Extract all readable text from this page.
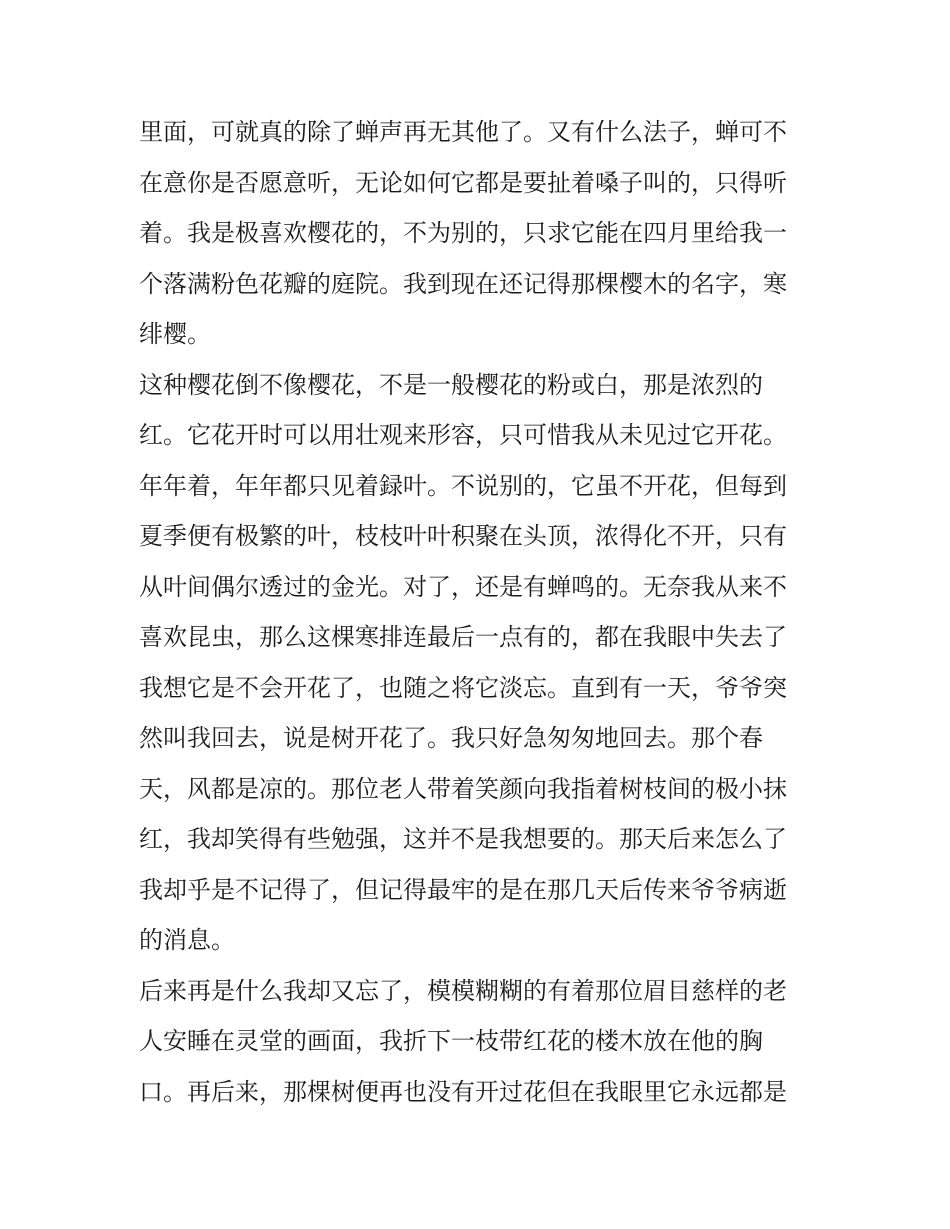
里面，可就真的除了蝉声再无其他了。又有什么法子，蝉可不
在意你是否愿意听，无论如何它都是要扯着嗓子叫的，只得听
着。我是极喜欢樱花的，不为别的，只求它能在四月里给我一
个落满粉色花瓣的庭院。我到现在还记得那棵樱木的名字，寒
绯樱。
这种樱花倒不像樱花，不是一般樱花的粉或白，那是浓烈的
红。它花开时可以用壮观来形容，只可惜我从未见过它开花。
年年着，年年都只见着録叶。不说别的，它虽不开花，但每到
夏季便有极繁的叶，枝枝叶叶积聚在头顶，浓得化不开，只有
从叶间偶尔透过的金光。对了，还是有蝉鸣的。无奈我从来不
喜欢昆虫，那么这棵寒排连最后一点有的，都在我眼中失去了
我想它是不会开花了，也随之将它淡忘。直到有一天，爷爷突
然叫我回去，说是树开花了。我只好急匆匆地回去。那个春
天，风都是凉的。那位老人带着笑颜向我指着树枝间的极小抹
红，我却笑得有些勉强，这并不是我想要的。那天后来怎么了
我却乎是不记得了，但记得最牢的是在那几天后传来爷爷病逝
的消息。
后来再是什么我却又忘了，模模糊糊的有着那位眉目慈样的老
人安睡在灵堂的画面，我折下一枝带红花的楼木放在他的胸
口。再后来，那棵树便再也没有开过花但在我眼里它永远都是
